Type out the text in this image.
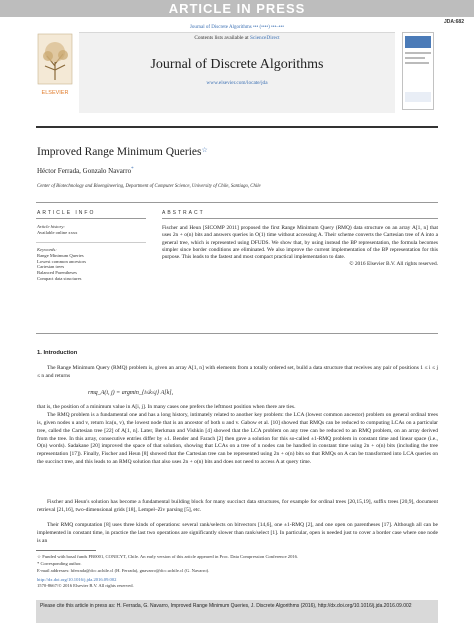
ARTICLE IN PRESS
JDA:682
Journal of Discrete Algorithms ••• (••••) •••–•••
ELSEVIER
Contents lists available at ScienceDirect
Journal of Discrete Algorithms
www.elsevier.com/locate/jda
Improved Range Minimum Queries☆
Héctor Ferrada, Gonzalo Navarro*
Center of Biotechnology and Bioengineering, Department of Computer Science, University of Chile, Santiago, Chile
ARTICLE INFO	ABSTRACT
Article history:
Available online xxxx
Keywords:
Range Minimum Queries
Lowest common ancestors
Cartesian trees
Balanced Parentheses
Compact data structures
Fischer and Heun [SICOMP 2011] proposed the first Range Minimum Query (RMQ) data structure on an array A[1, n] that uses 2n + o(n) bits and answers queries in O(1) time without accessing A. Their scheme converts the Cartesian tree of A into a general tree, which is represented using DFUDS. We show that, by using instead the BP representation, the formula becomes simpler since border conditions are eliminated. We also improve the current implementation of the BP representation for this purpose. This leads to the fastest and most compact practical implementation to date.
© 2016 Elsevier B.V. All rights reserved.
1. Introduction
The Range Minimum Query (RMQ) problem is, given an array A[1, n] with elements from a totally ordered set, build a data structure that receives any pair of positions 1 ≤ i ≤ j ≤ n and returns
rmq_A(i, j) = argmin_{i≤k≤j} A[k],
that is, the position of a minimum value in A[i, j]. In many cases one prefers the leftmost position when there are ties.
The RMQ problem is a fundamental one and has a long history, intimately related to another key problem: the LCA (lowest common ancestor) problem on general ordinal trees is, given nodes u and v, return lca(u, v), the lowest node that is an ancestor of both u and v. Gabow et al. [10] showed that RMQs can be reduced to computing LCAs on a particular tree, called the Cartesian tree [22] of A[1, n]. Later, Berkman and Vishkin [4] showed that the LCA problem on any tree can be reduced to an RMQ problem, on an array derived from the tree. In this array, consecutive entries differ by ±1. Bender and Farach [2] then gave a solution for this so-called ±1-RMQ problem in constant time and linear space (i.e., O(n) words). Sadakane [20] improved the space of that solution, showing that LCAs on a tree of n nodes can be handled in constant time using 2n + o(n) bits (including the tree representation [17]). Finally, Fischer and Heun [8] showed that the Cartesian tree can be represented using 2n + o(n) bits so that RMQs on A can be transformed into LCA queries on the succinct tree, and this leads to an RMQ solution that also uses 2n + o(n) bits and does not need to access A at query time.
Fischer and Heun's solution has become a fundamental building block for many succinct data structures, for example for ordinal trees [20,15,19], suffix trees [20,9], document retrieval [21,16], two-dimensional grids [18], Lempel–Ziv parsing [5], etc.
Their RMQ computation [8] uses three kinds of operations: several rank/selects on bitvectors [14,6], one ±1-RMQ [2], and one open on parentheses [17]. Although all can be implemented in constant time, in practice the last two operations are significantly slower than rank/select [1]. In particular, open is needed just to cover a border case where one node is an
☆ Funded with basal funds FB0001, CONICYT, Chile. An early version of this article appeared in Proc. Data Compression Conference 2016.
* Corresponding author.
E-mail addresses: hferrada@dcc.uchile.cl (H. Ferrada), gnavarro@dcc.uchile.cl (G. Navarro).
http://dx.doi.org/10.1016/j.jda.2016.09.002
1570-8667/© 2016 Elsevier B.V. All rights reserved.
Please cite this article in press as: H. Ferrada, G. Navarro, Improved Range Minimum Queries, J. Discrete Algorithms (2016), http://dx.doi.org/10.1016/j.jda.2016.09.002
